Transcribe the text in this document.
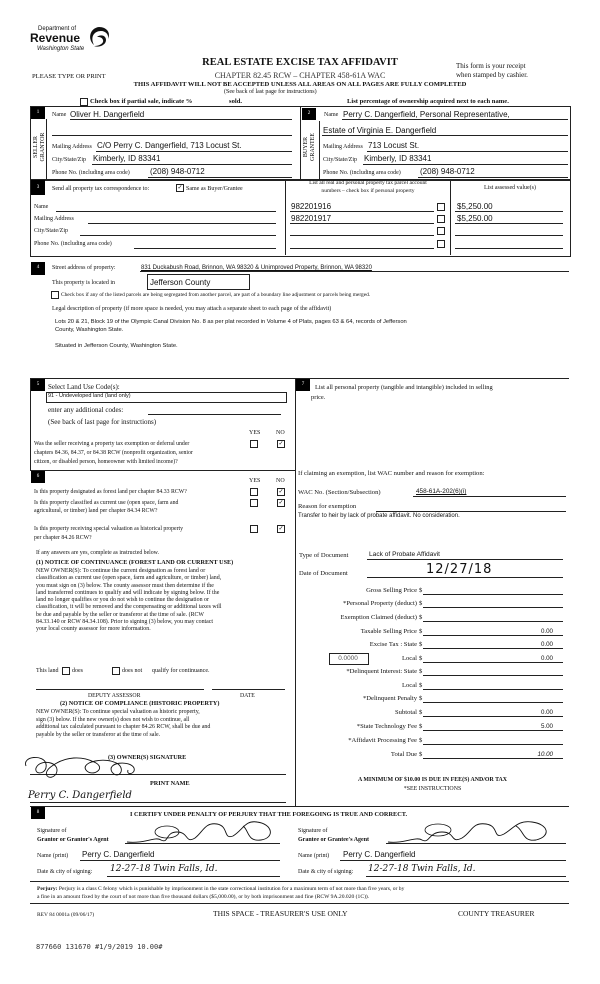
Department of
Revenue
Washington State
REAL ESTATE EXCISE TAX AFFIDAVIT
PLEASE TYPE OR PRINT	CHAPTER 82.45 RCW – CHAPTER 458-61A WAC
This form is your receipt
when stamped by cashier.
THIS AFFIDAVIT WILL NOT BE ACCEPTED UNLESS ALL AREAS ON ALL PAGES ARE FULLY COMPLETED
(See back of last page for instructions)
Check box if partial sale, indicate %	sold.	List percentage of ownership acquired next to each name.
1
SELLER
GRANTOR
Name Oliver H. Dangerfield
Mailing Address C/O Perry C. Dangerfield, 713 Locust St.
City/State/Zip Kimberly, ID 83341
Phone No. (including area code)	(208) 948-0712
2
BUYER
GRANTEE
Name Perry C. Dangerfield, Personal Representative,
Estate of Virginia E. Dangerfield
Mailing Address 713 Locust St.
City/State/Zip Kimberly, ID 83341
Phone No. (including area code) (208) 948-0712
3	Send all property tax correspondence to:	✓ Same as Buyer/Grantee
List all real and personal property tax parcel account
numbers – check box if personal property	List assessed value(s)
Name
Mailing Address
City/State/Zip
Phone No. (including area code)
982201916	$5,250.00
982201917	$5,250.00
4	Street address of property:	831 Duckabush Road, Brinnon, WA 98320 & Unimproved Property, Brinnon, WA 98320
This property is located in	Jefferson County
Check box if any of the listed parcels are being segregated from another parcel, are part of a boundary line adjustment or parcels being merged.
Legal description of property (if more space is needed, you may attach a separate sheet to each page of the affidavit)
Lots 20 & 21, Block 19 of the Olympic Canal Division No. 8 as per plat recorded in Volume 4 of Plats, pages 63 & 64, records of Jefferson
County, Washington State.
Situated in Jefferson County, Washington State.
5	Select Land Use Code(s):
91 - Undeveloped land (land only)
enter any additional codes:
(See back of last page for instructions)
YES	NO
Was the seller receiving a property tax exemption or deferral under
chapters 84.36, 84.37, or 84.38 RCW (nonprofit organization, senior
citizen, or disabled person, homeowner with limited income)?
✓
7	List all personal property (tangible and intangible) included in selling
price.
6
YES	NO
Is this property designated as forest land per chapter 84.33 RCW?	✓
Is this property classified as current use (open space, farm and
agricultural, or timber) land per chapter 84.34 RCW?
✓
Is this property receiving special valuation as historical property
per chapter 84.26 RCW?
✓
If any answers are yes, complete as instructed below.
(1) NOTICE OF CONTINUANCE (FOREST LAND OR CURRENT USE)
NEW OWNER(S): To continue the current designation as forest land or
classification as current use (open space, farm and agriculture, or timber) land,
you must sign on (3) below. The county assessor must then determine if the
land transferred continues to qualify and will indicate by signing below. If the
land no longer qualifies or you do not wish to continue the designation or
classification, it will be removed and the compensating or additional taxes will
be due and payable by the seller or transferor at the time of sale. (RCW
84.33.140 or RCW 84.34.108). Prior to signing (3) below, you may contact
your local county assessor for more information.
This land does	does not qualify for continuance.
DEPUTY ASSESSOR	DATE
(2) NOTICE OF COMPLIANCE (HISTORIC PROPERTY)
NEW OWNER(S): To continue special valuation as historic property,
sign (3) below. If the new owner(s) does not wish to continue, all
additional tax calculated pursuant to chapter 84.26 RCW, shall be due and
payable by the seller or transferor at the time of sale.
(3) OWNER(S) SIGNATURE
PRINT NAME
Perry C. Dangerfield
If claiming an exemption, list WAC number and reason for exemption:
WAC No. (Section/Subsection)	458-61A-202(6)(i)
Reason for exemption
Transfer to heir by lack of probate affidavit. No consideration.
Type of Document	Lack of Probate Affidavit
Date of Document	12/27/18
Gross Selling Price $
*Personal Property (deduct) $
Exemption Claimed (deduct) $
Taxable Selling Price $	0.00
Excise Tax : State $	0.00
Local $	0.00
*Delinquent Interest: State $
Local $
*Delinquent Penalty $
Subtotal $	0.00
*State Technology Fee $	5.00
*Affidavit Processing Fee $
Total Due $	10.00
0.0000
A MINIMUM OF $10.00 IS DUE IN FEE(S) AND/OR TAX
*SEE INSTRUCTIONS
8	I CERTIFY UNDER PENALTY OF PERJURY THAT THE FOREGOING IS TRUE AND CORRECT.
Signature of
Grantor or Grantor's Agent
Name (print) Perry C. Dangerfield
Date & city of signing: 12-27-18 Twin Falls, Id.
Signature of
Grantee or Grantee's Agent
Name (print) Perry C. Dangerfield
Date & city of signing: 12-27-18 Twin Falls, Id.
Perjury: Perjury is a class C felony which is punishable by imprisonment in the state correctional institution for a maximum term of not more than five years, or by
a fine in an amount fixed by the court of not more than five thousand dollars ($5,000.00), or by both imprisonment and fine (RCW 9A.20.020 (1C)).
REV 84 0001a (09/06/17)	THIS SPACE - TREASURER'S USE ONLY	COUNTY TREASURER
877660 131670 #1/9/2019 10.00#
